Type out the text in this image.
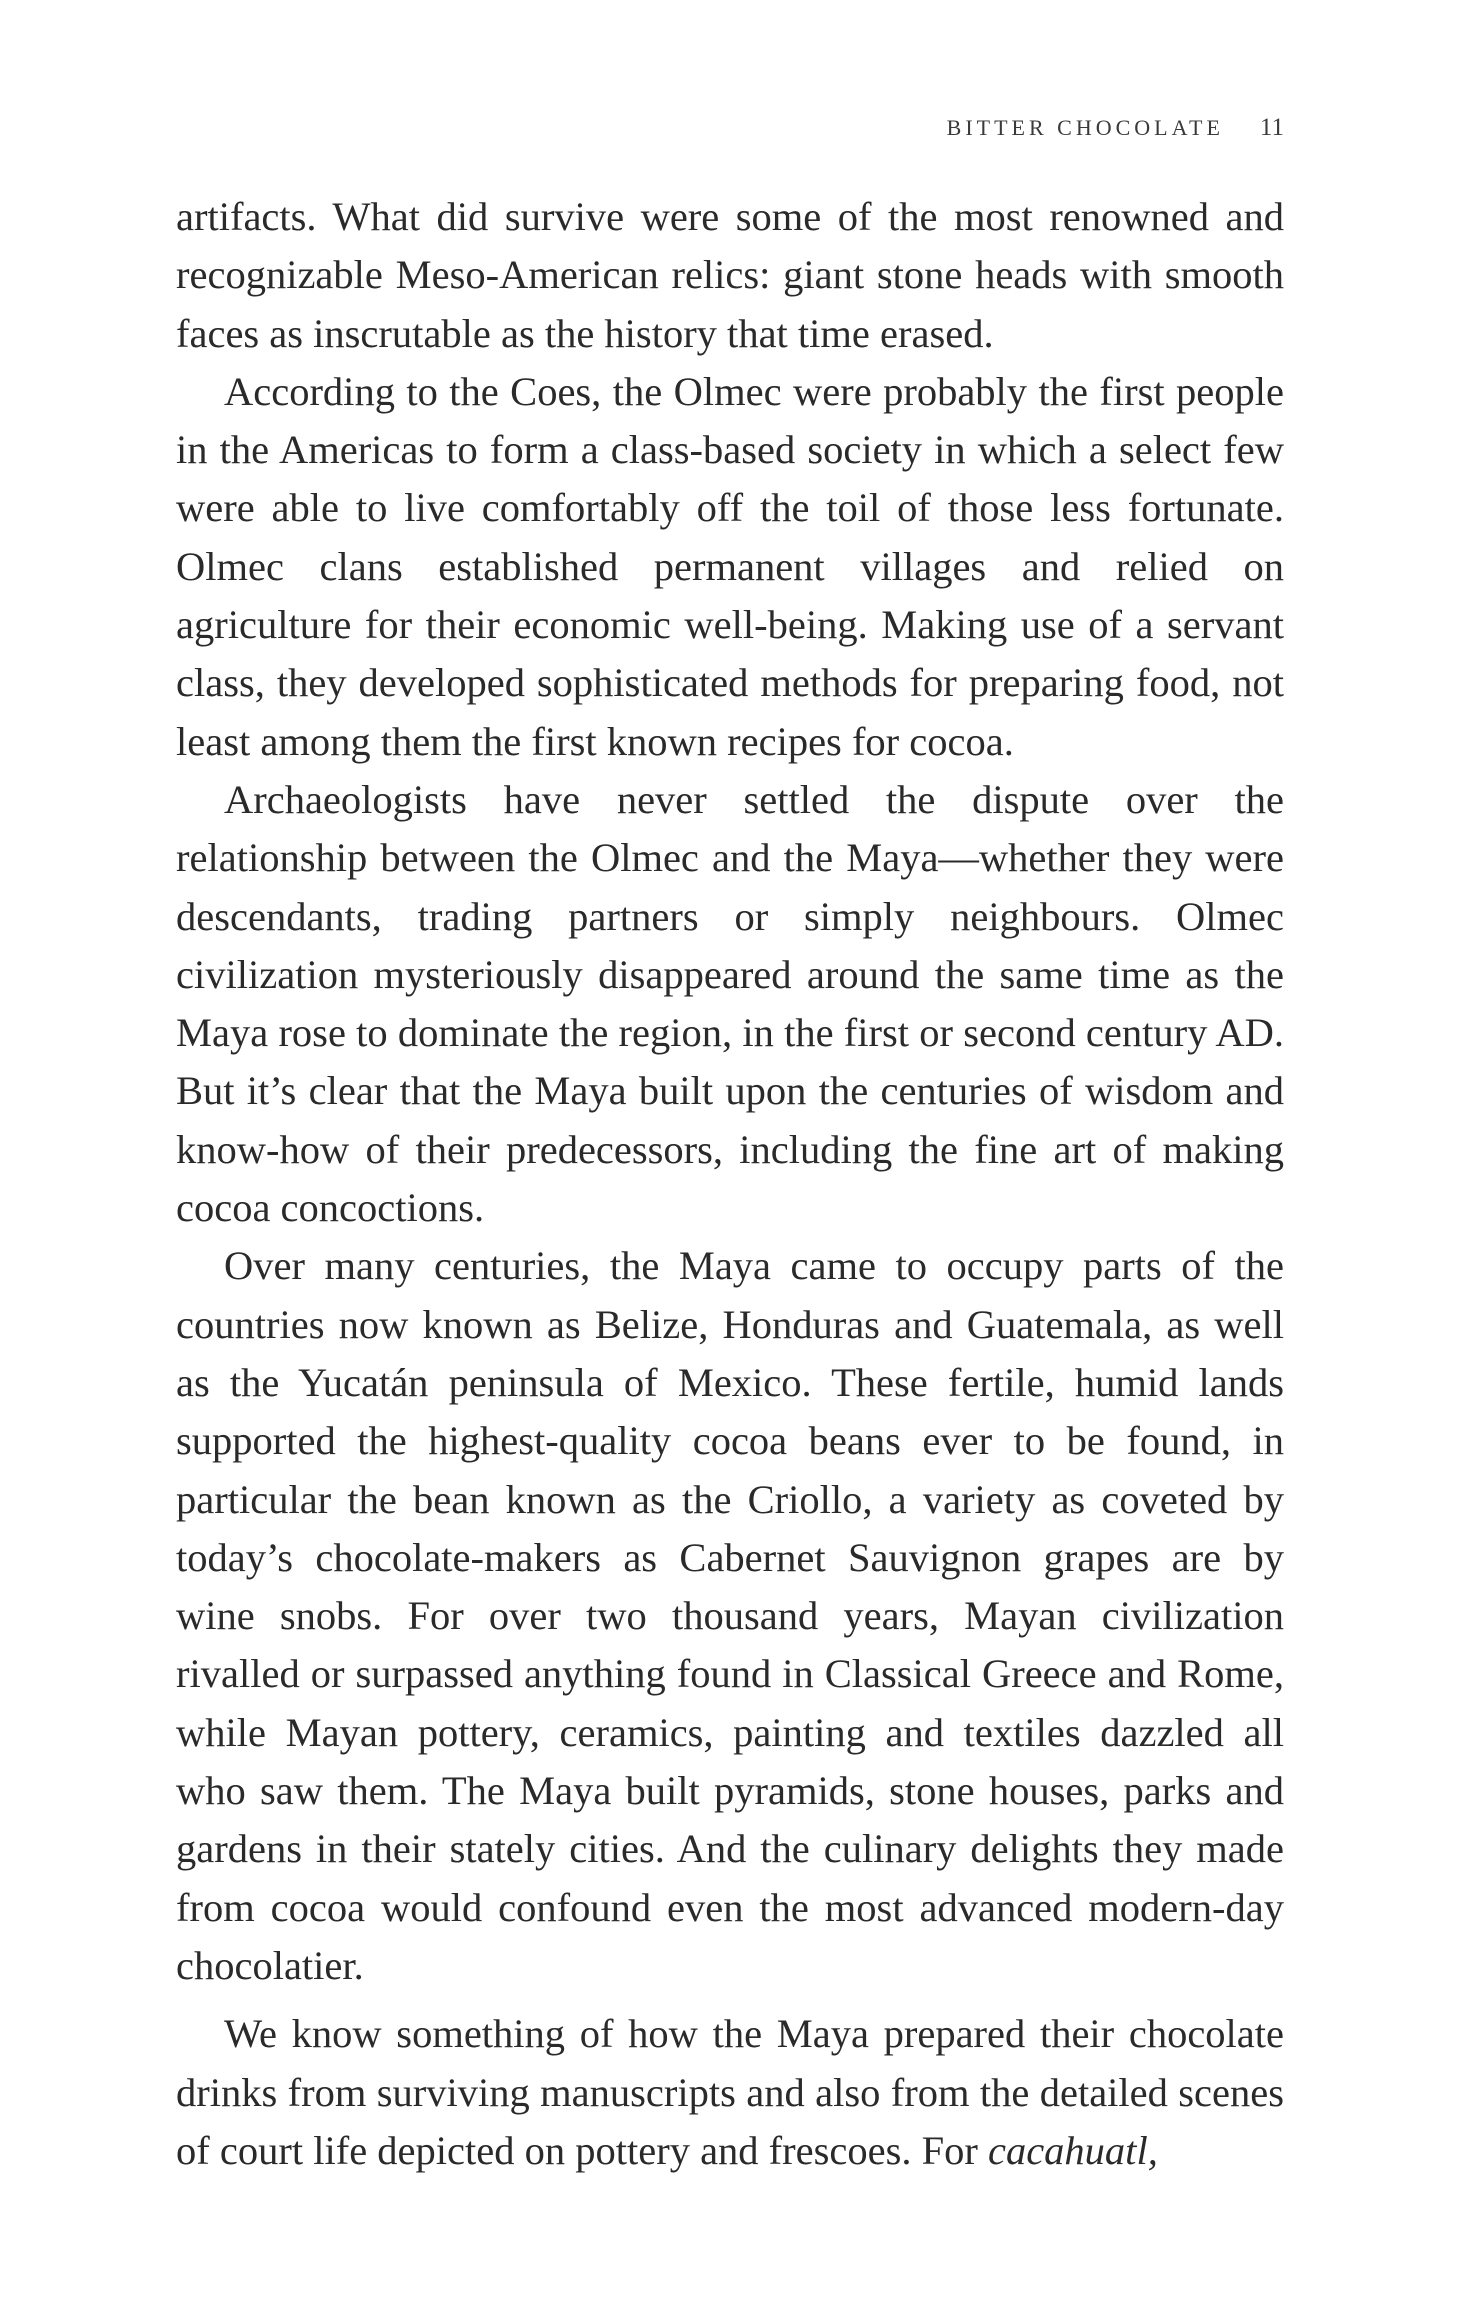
BITTER CHOCOLATE 11

artifacts. What did survive were some of the most renowned and recognizable Meso-American relics: giant stone heads with smooth faces as inscrutable as the history that time erased.

According to the Coes, the Olmec were probably the first people in the Americas to form a class-based society in which a select few were able to live comfortably off the toil of those less fortunate. Olmec clans established permanent villages and relied on agriculture for their economic well-being. Making use of a servant class, they developed sophisticated methods for preparing food, not least among them the first known recipes for cocoa.

Archaeologists have never settled the dispute over the relationship between the Olmec and the Maya—whether they were descendants, trading partners or simply neighbours. Olmec civilization mysteriously disappeared around the same time as the Maya rose to dominate the region, in the first or second century AD. But it’s clear that the Maya built upon the centuries of wisdom and know-how of their predecessors, including the fine art of making cocoa concoctions.

Over many centuries, the Maya came to occupy parts of the countries now known as Belize, Honduras and Guatemala, as well as the Yucatán peninsula of Mexico. These fertile, humid lands supported the highest-quality cocoa beans ever to be found, in particular the bean known as the Criollo, a variety as coveted by today’s chocolate-makers as Cabernet Sauvignon grapes are by wine snobs. For over two thousand years, Mayan civilization rivalled or surpassed anything found in Classical Greece and Rome, while Mayan pottery, ceramics, painting and textiles dazzled all who saw them. The Maya built pyramids, stone houses, parks and gardens in their stately cities. And the culinary delights they made from cocoa would confound even the most advanced modern-day chocolatier.

We know something of how the Maya prepared their chocolate drinks from surviving manuscripts and also from the detailed scenes of court life depicted on pottery and frescoes. For cacahuatl,
